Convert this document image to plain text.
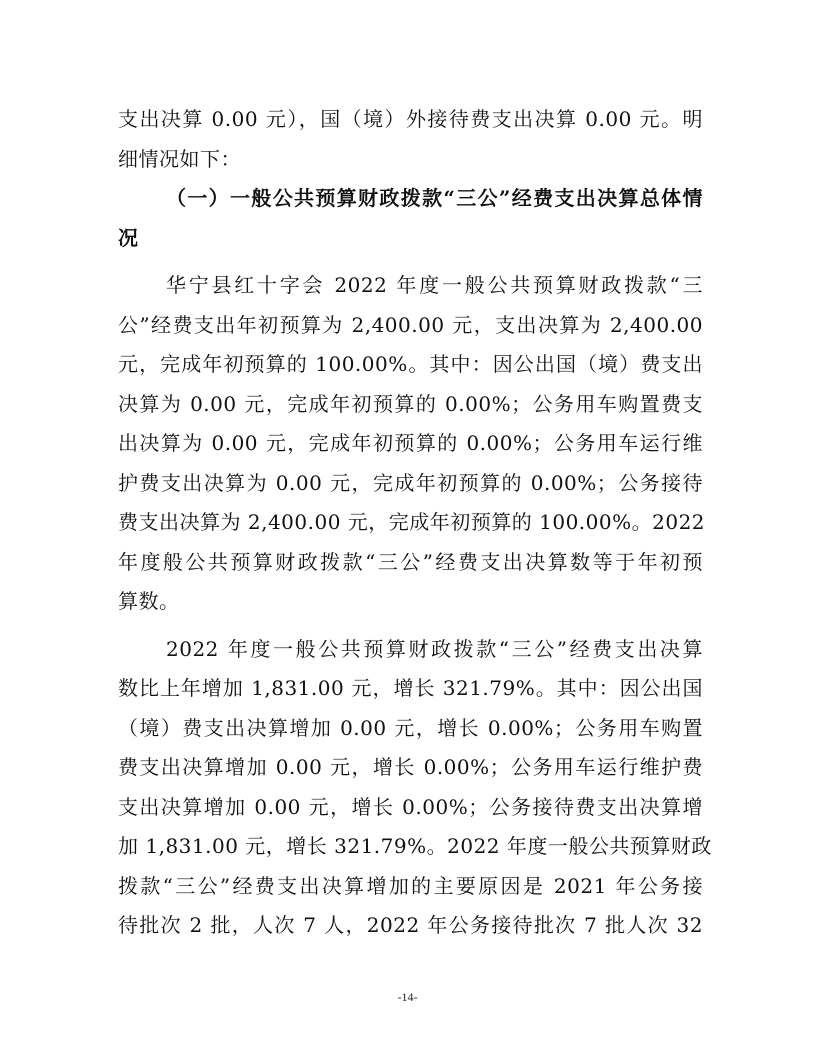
支出决算 0.00 元），国（境）外接待费支出决算 0.00 元。明
细情况如下：
（一）一般公共预算财政拨款“三公”经费支出决算总体情
况
华宁县红十字会 2022 年度一般公共预算财政拨款“三
公”经费支出年初预算为 2,400.00 元，支出决算为 2,400.00
元，完成年初预算的 100.00%。其中：因公出国（境）费支出
决算为 0.00 元，完成年初预算的 0.00%；公务用车购置费支
出决算为 0.00 元，完成年初预算的 0.00%；公务用车运行维
护费支出决算为 0.00 元，完成年初预算的 0.00%；公务接待
费支出决算为 2,400.00 元，完成年初预算的 100.00%。2022
年度般公共预算财政拨款“三公”经费支出决算数等于年初预
算数。
2022 年度一般公共预算财政拨款“三公”经费支出决算
数比上年增加 1,831.00 元，增长 321.79%。其中：因公出国
（境）费支出决算增加 0.00 元，增长 0.00%；公务用车购置
费支出决算增加 0.00 元，增长 0.00%；公务用车运行维护费
支出决算增加 0.00 元，增长 0.00%；公务接待费支出决算增
加 1,831.00 元，增长 321.79%。2022 年度一般公共预算财政
拨款“三公”经费支出决算增加的主要原因是 2021 年公务接
待批次 2 批，人次 7 人，2022 年公务接待批次 7 批人次 32
-14-
